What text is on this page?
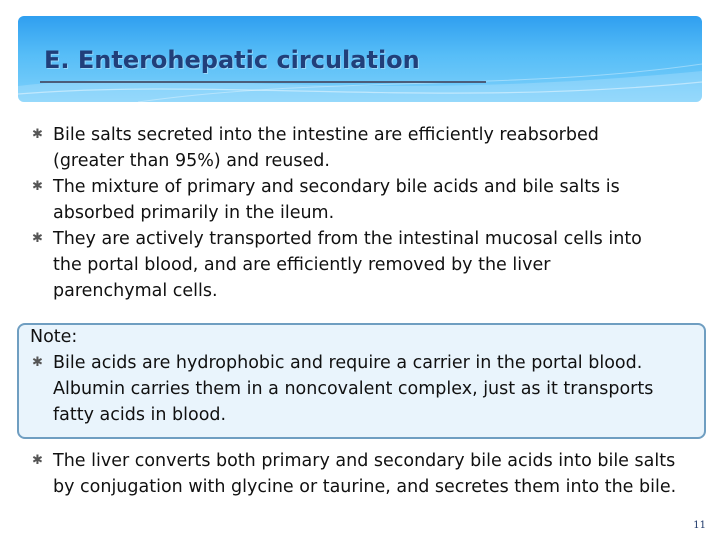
E. Enterohepatic circulation
✱ Bile salts secreted into the intestine are efficiently reabsorbed (greater than 95%) and reused.
✱ The mixture of primary and secondary bile acids and bile salts is absorbed primarily in the ileum.
✱ They are actively transported from the intestinal mucosal cells into the portal blood, and are efficiently removed by the liver parenchymal cells.

Note:

✱ Bile acids are hydrophobic and require a carrier in the portal blood. Albumin carries them in a noncovalent complex, just as it transports fatty acids in blood.
✱ The liver converts both primary and secondary bile acids into bile salts by conjugation with glycine or taurine, and secretes them into the bile.
11
